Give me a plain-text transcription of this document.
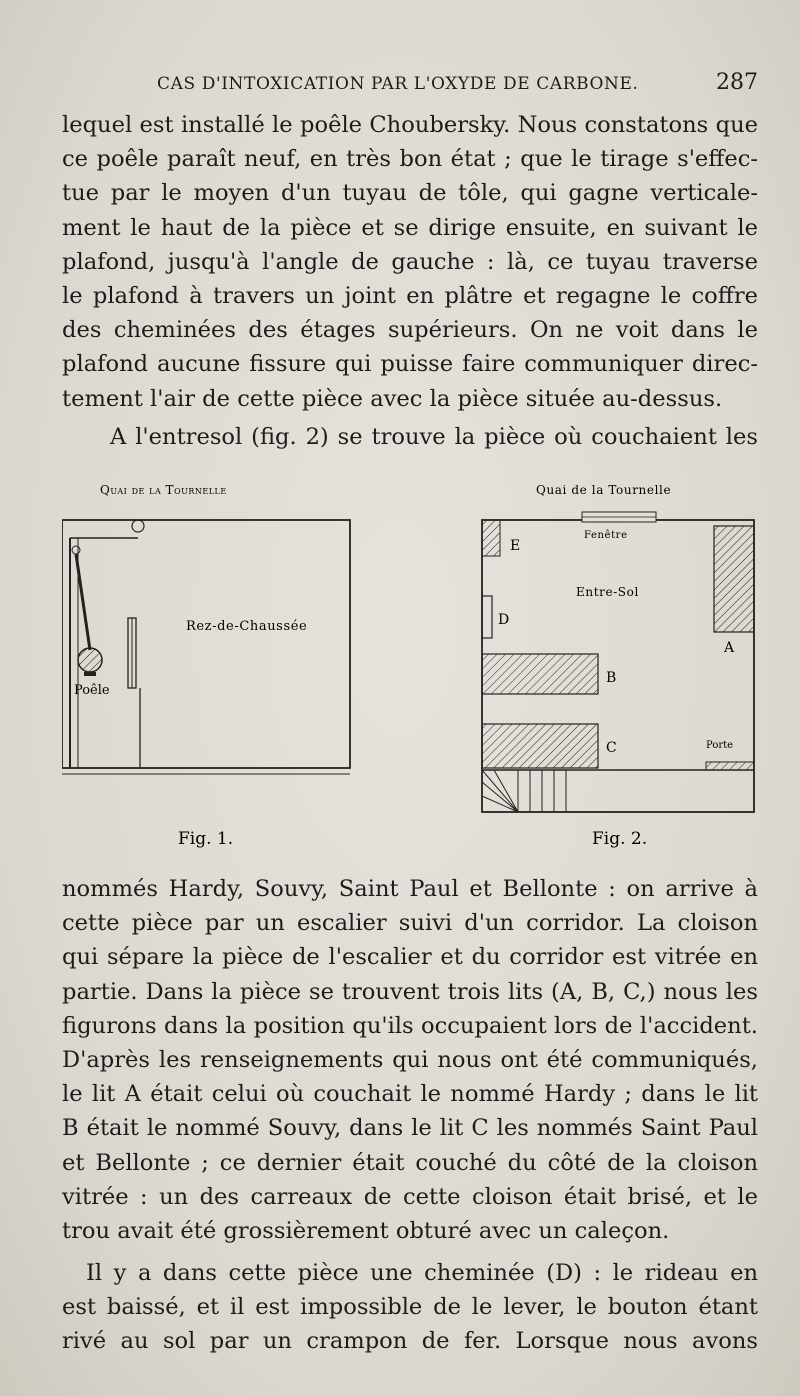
CAS D'INTOXICATION PAR L'OXYDE DE CARBONE.	287

lequel est installé le poêle Choubersky. Nous constatons que
ce poêle paraît neuf, en très bon état ; que le tirage s'effec-
tue par le moyen d'un tuyau de tôle, qui gagne verticale-
ment le haut de la pièce et se dirige ensuite, en suivant le
plafond, jusqu'à l'angle de gauche : là, ce tuyau traverse
le plafond à travers un joint en plâtre et regagne le coffre
des cheminées des étages supérieurs. On ne voit dans le
plafond aucune fissure qui puisse faire communiquer direc-
tement l'air de cette pièce avec la pièce située au-dessus.

A l'entresol (fig. 2) se trouve la pièce où couchaient les

Quai de la Tournelle
Rez-de-Chaussée
Poêle
Fig. 1.
Quai de la Tournelle
Fenêtre
Entre-Sol
Porte
E
D
A
B
C
Fig. 2.

nommés Hardy, Souvy, Saint Paul et Bellonte : on arrive à
cette pièce par un escalier suivi d'un corridor. La cloison
qui sépare la pièce de l'escalier et du corridor est vitrée en
partie. Dans la pièce se trouvent trois lits (A, B, C,) nous les
figurons dans la position qu'ils occupaient lors de l'accident.
D'après les renseignements qui nous ont été communiqués,
le lit A était celui où couchait le nommé Hardy ; dans le lit
B était le nommé Souvy, dans le lit C les nommés Saint Paul
et Bellonte ; ce dernier était couché du côté de la cloison
vitrée : un des carreaux de cette cloison était brisé, et le
trou avait été grossièrement obturé avec un caleçon.

Il y a dans cette pièce une cheminée (D) : le rideau en
est baissé, et il est impossible de le lever, le bouton étant
rivé au sol par un crampon de fer. Lorsque nous avons
